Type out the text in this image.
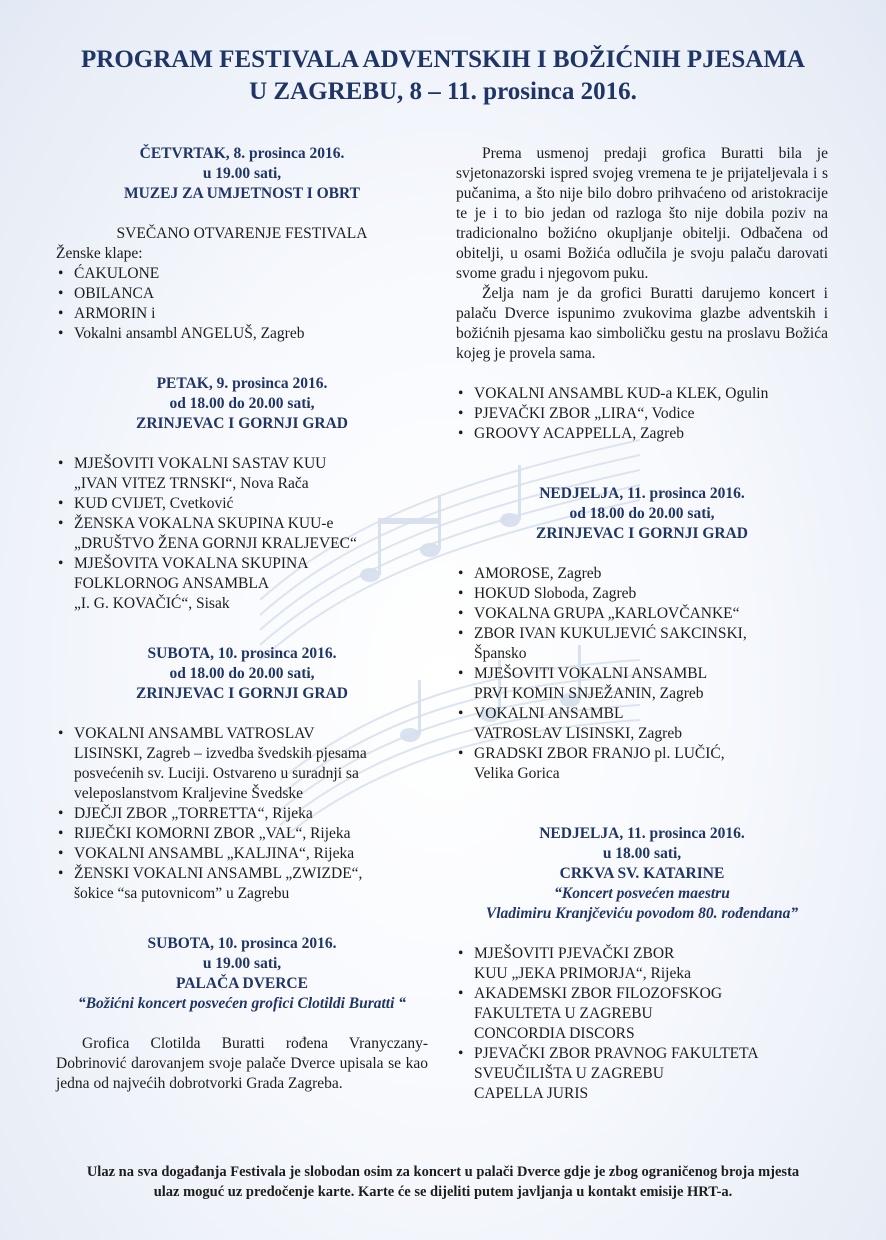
PROGRAM FESTIVALA ADVENTSKIH I BOŽIĆNIH PJESAMA
U ZAGREBU, 8 – 11. prosinca 2016.
ČETVRTAK, 8. prosinca 2016.
u 19.00 sati,
MUZEJ ZA UMJETNOST I OBRT
SVEČANO OTVARENJE FESTIVALA
Ženske klape:
• ĆAKULONE
• OBILANCA
• ARMORIN i
• Vokalni ansambl ANGELUŠ, Zagreb
PETAK, 9. prosinca 2016.
od 18.00 do 20.00 sati,
ZRINJEVAC I GORNJI GRAD
• MJEŠOVITI VOKALNI SASTAV KUU
„IVAN VITEZ TRNSKI“, Nova Rača
• KUD CVIJET, Cvetković
• ŽENSKA VOKALNA SKUPINA KUU-e
„DRUŠTVO ŽENA GORNJI KRALJEVEC“
• MJEŠOVITA VOKALNA SKUPINA
FOLKLORNOG ANSAMBLA
„I. G. KOVAČIĆ“, Sisak
SUBOTA, 10. prosinca 2016.
od 18.00 do 20.00 sati,
ZRINJEVAC I GORNJI GRAD
• VOKALNI ANSAMBL VATROSLAV
LISINSKI, Zagreb – izvedba švedskih pjesama
posvećenih sv. Luciji. Ostvareno u suradnji sa
veleposlanstvom Kraljevine Švedske
• DJEČJI ZBOR „TORRETTA“, Rijeka
• RIJEČKI KOMORNI ZBOR „VAL“, Rijeka
• VOKALNI ANSAMBL „KALJINA“, Rijeka
• ŽENSKI VOKALNI ANSAMBL „ZWIZDE“,
šokice “sa putovnicom” u Zagrebu
SUBOTA, 10. prosinca 2016.
u 19.00 sati,
PALAČA DVERCE
“Božićni koncert posvećen grofici Clotildi Buratti “
Grofica Clotilda Buratti rođena Vranyczany-Dobrinović darovanjem svoje palače Dverce upisala se kao jedna od najvećih dobrotvorki Grada Zagreba.
Prema usmenoj predaji grofica Buratti bila je svjetonazorski ispred svojeg vremena te je prijateljevala i s pučanima, a što nije bilo dobro prihvaćeno od aristokracije te je i to bio jedan od razloga što nije dobila poziv na tradicionalno božićno okupljanje obitelji. Odbačena od obitelji, u osami Božića odlučila je svoju palaču darovati svome gradu i njegovom puku.
Želja nam je da grofici Buratti darujemo koncert i palaču Dverce ispunimo zvukovima glazbe adventskih i božićnih pjesama kao simboličku gestu na proslavu Božića kojeg je provela sama.
• VOKALNI ANSAMBL KUD-a KLEK, Ogulin
• PJEVAČKI ZBOR „LIRA“, Vodice
• GROOVY ACAPPELLA, Zagreb
NEDJELJA, 11. prosinca 2016.
od 18.00 do 20.00 sati,
ZRINJEVAC I GORNJI GRAD
• AMOROSE, Zagreb
• HOKUD Sloboda, Zagreb
• VOKALNA GRUPA „KARLOVČANKE“
• ZBOR IVAN KUKULJEVIĆ SAKCINSKI,
Špansko
• MJEŠOVITI VOKALNI ANSAMBL
PRVI KOMIN SNJEŽANIN, Zagreb
• VOKALNI ANSAMBL
VATROSLAV LISINSKI, Zagreb
• GRADSKI ZBOR FRANJO pl. LUČIĆ,
Velika Gorica
NEDJELJA, 11. prosinca 2016.
u 18.00 sati,
CRKVA SV. KATARINE
“Koncert posvećen maestru
Vladimiru Kranjčeviću povodom 80. rođendana”
• MJEŠOVITI PJEVAČKI ZBOR
KUU „JEKA PRIMORJA“, Rijeka
• AKADEMSKI ZBOR FILOZOFSKOG
FAKULTETA U ZAGREBU
CONCORDIA DISCORS
• PJEVAČKI ZBOR PRAVNOG FAKULTETA
SVEUČILIŠTA U ZAGREBU
CAPELLA JURIS
Ulaz na sva događanja Festivala je slobodan osim za koncert u palači Dverce gdje je zbog ograničenog broja mjesta
ulaz moguć uz predočenje karte. Karte će se dijeliti putem javljanja u kontakt emisije HRT-a.
